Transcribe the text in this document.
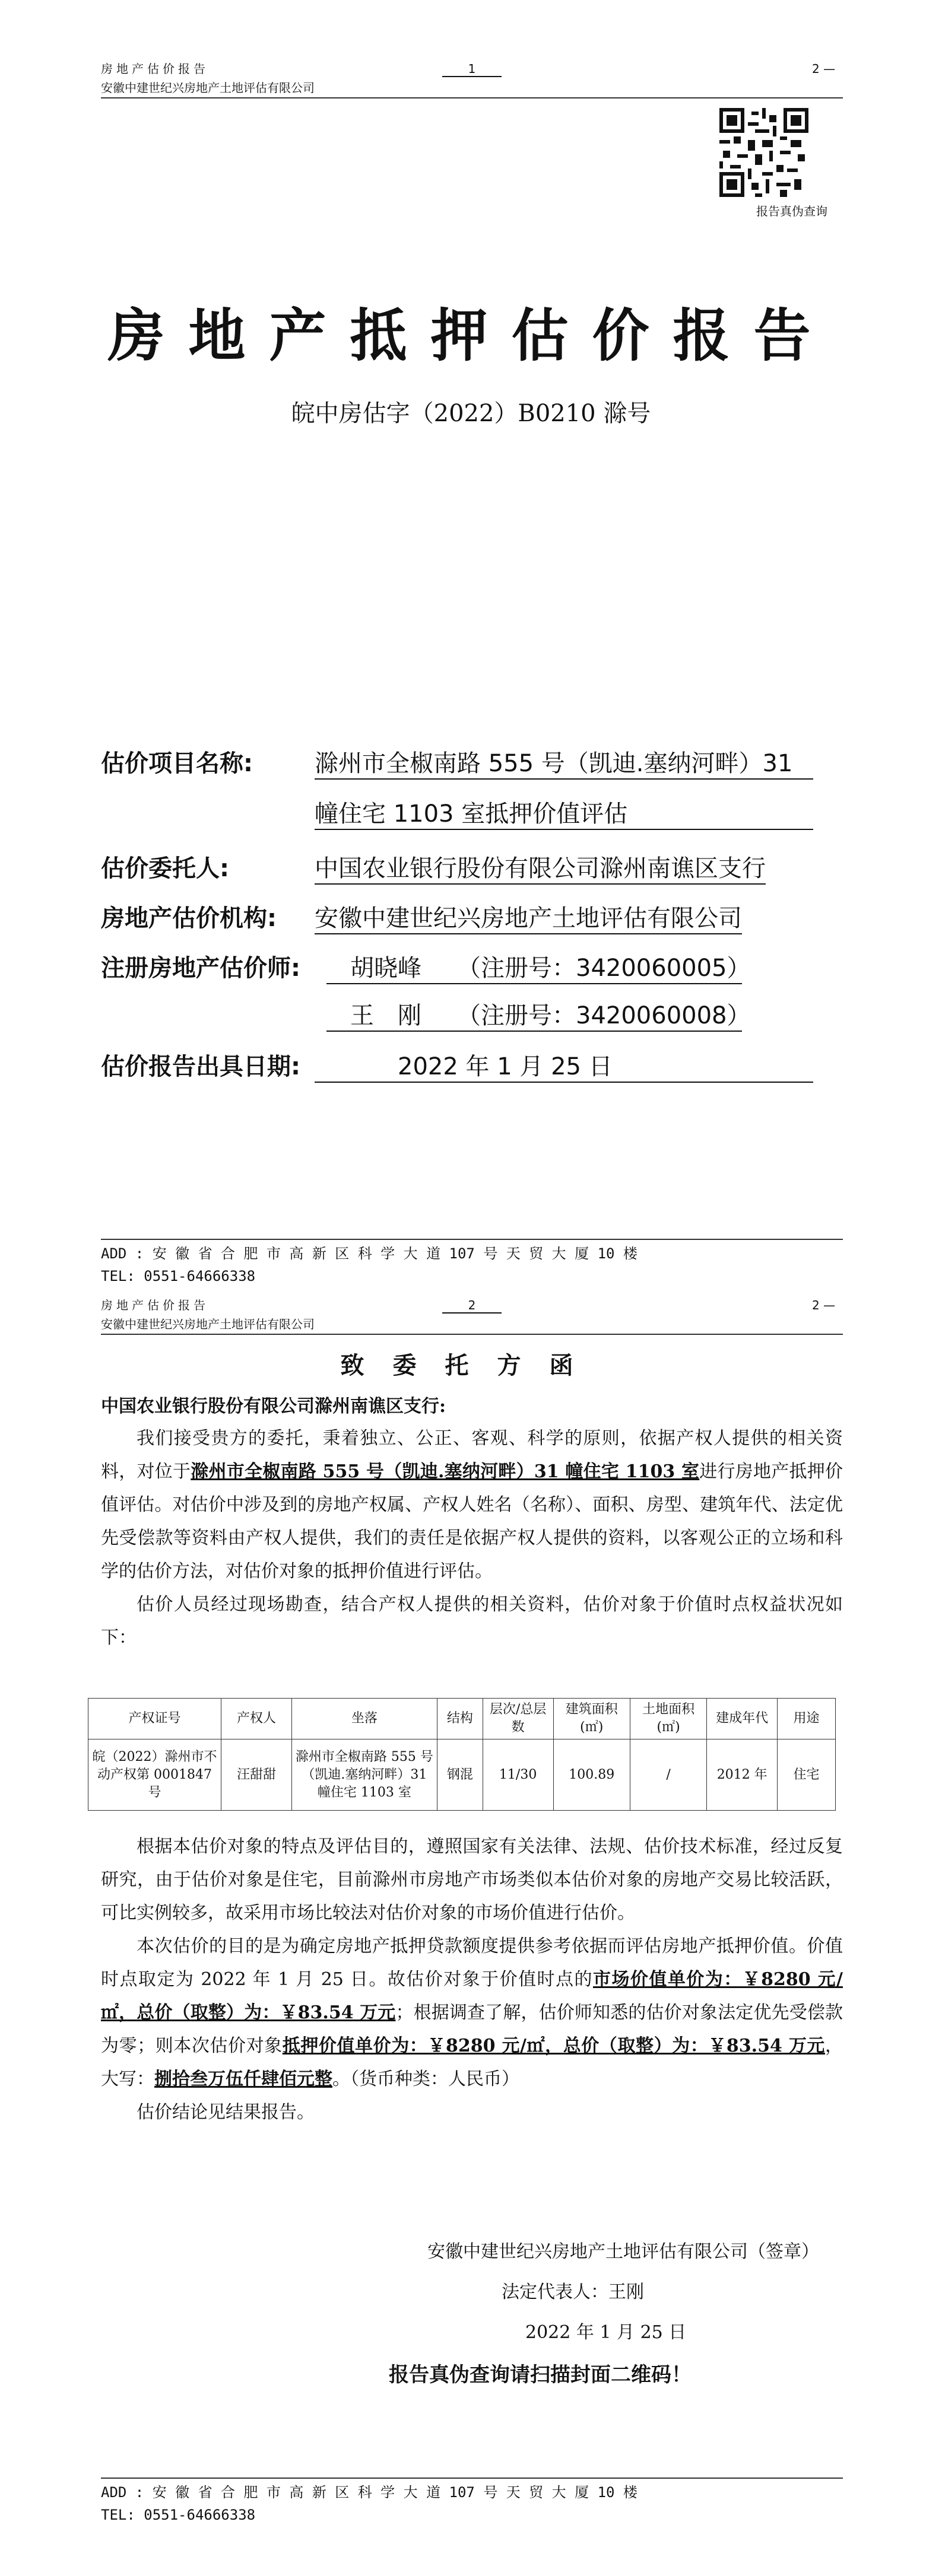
房地产估价报告
安徽中建世纪兴房地产土地评估有限公司
1	2 —
报告真伪查询
房地产抵押估价报告
皖中房估字（2022）B0210 滁号
估价项目名称:	滁州市全椒南路 555 号（凯迪.塞纳河畔）31
幢住宅 1103 室抵押价值评估
估价委托人:	中国农业银行股份有限公司滁州南谯区支行
房地产估价机构: 安徽中建世纪兴房地产土地评估有限公司
注册房地产估价师:	胡晓峰　　（注册号：3420060005）
王　刚　　（注册号：3420060008）
估价报告出具日期:	2022 年 1 月 25 日
ADD : 安 徽 省 合 肥 市 高 新 区 科 学 大 道 107 号 天 贸 大 厦 10 楼
TEL: 0551-64666338
房地产估价报告
安徽中建世纪兴房地产土地评估有限公司
2	2 —
致委托方函
中国农业银行股份有限公司滁州南谯区支行:

我们接受贵方的委托，秉着独立、公正、客观、科学的原则，依据产权人提供的相关资料，对位于滁州市全椒南路 555 号（凯迪.塞纳河畔）31 幢住宅 1103 室进行房地产抵押价值评估。对估价中涉及到的房地产权属、产权人姓名（名称）、面积、房型、建筑年代、法定优先受偿款等资料由产权人提供，我们的责任是依据产权人提供的资料，以客观公正的立场和科学的估价方法，对估价对象的抵押价值进行评估。

估价人员经过现场勘查，结合产权人提供的相关资料，估价对象于价值时点权益状况如下：

产权证号	产权人	坐落	结构	层次/总层数	建筑面积(㎡)	土地面积(㎡)	建成年代	用途
皖（2022）滁州市不动产权第 0001847 号	汪甜甜	滁州市全椒南路 555 号（凯迪.塞纳河畔）31 幢住宅 1103 室	钢混	11/30	100.89	/	2012 年	住宅

根据本估价对象的特点及评估目的，遵照国家有关法律、法规、估价技术标准，经过反复研究，由于估价对象是住宅，目前滁州市房地产市场类似本估价对象的房地产交易比较活跃，可比实例较多，故采用市场比较法对估价对象的市场价值进行估价。

本次估价的目的是为确定房地产抵押贷款额度提供参考依据而评估房地产抵押价值。价值时点取定为 2022 年 1 月 25 日。故估价对象于价值时点的市场价值单价为：￥8280 元/㎡，总价（取整）为：￥83.54 万元；根据调查了解，估价师知悉的估价对象法定优先受偿款为零；则本次估价对象抵押价值单价为：￥8280 元/㎡，总价（取整）为：￥83.54 万元，大写：捌拾叁万伍仟肆佰元整。（货币种类：人民币）

估价结论见结果报告。

安徽中建世纪兴房地产土地评估有限公司（签章）
法定代表人：王刚
2022 年 1 月 25 日
报告真伪查询请扫描封面二维码！
ADD : 安 徽 省 合 肥 市 高 新 区 科 学 大 道 107 号 天 贸 大 厦 10 楼
TEL: 0551-64666338
